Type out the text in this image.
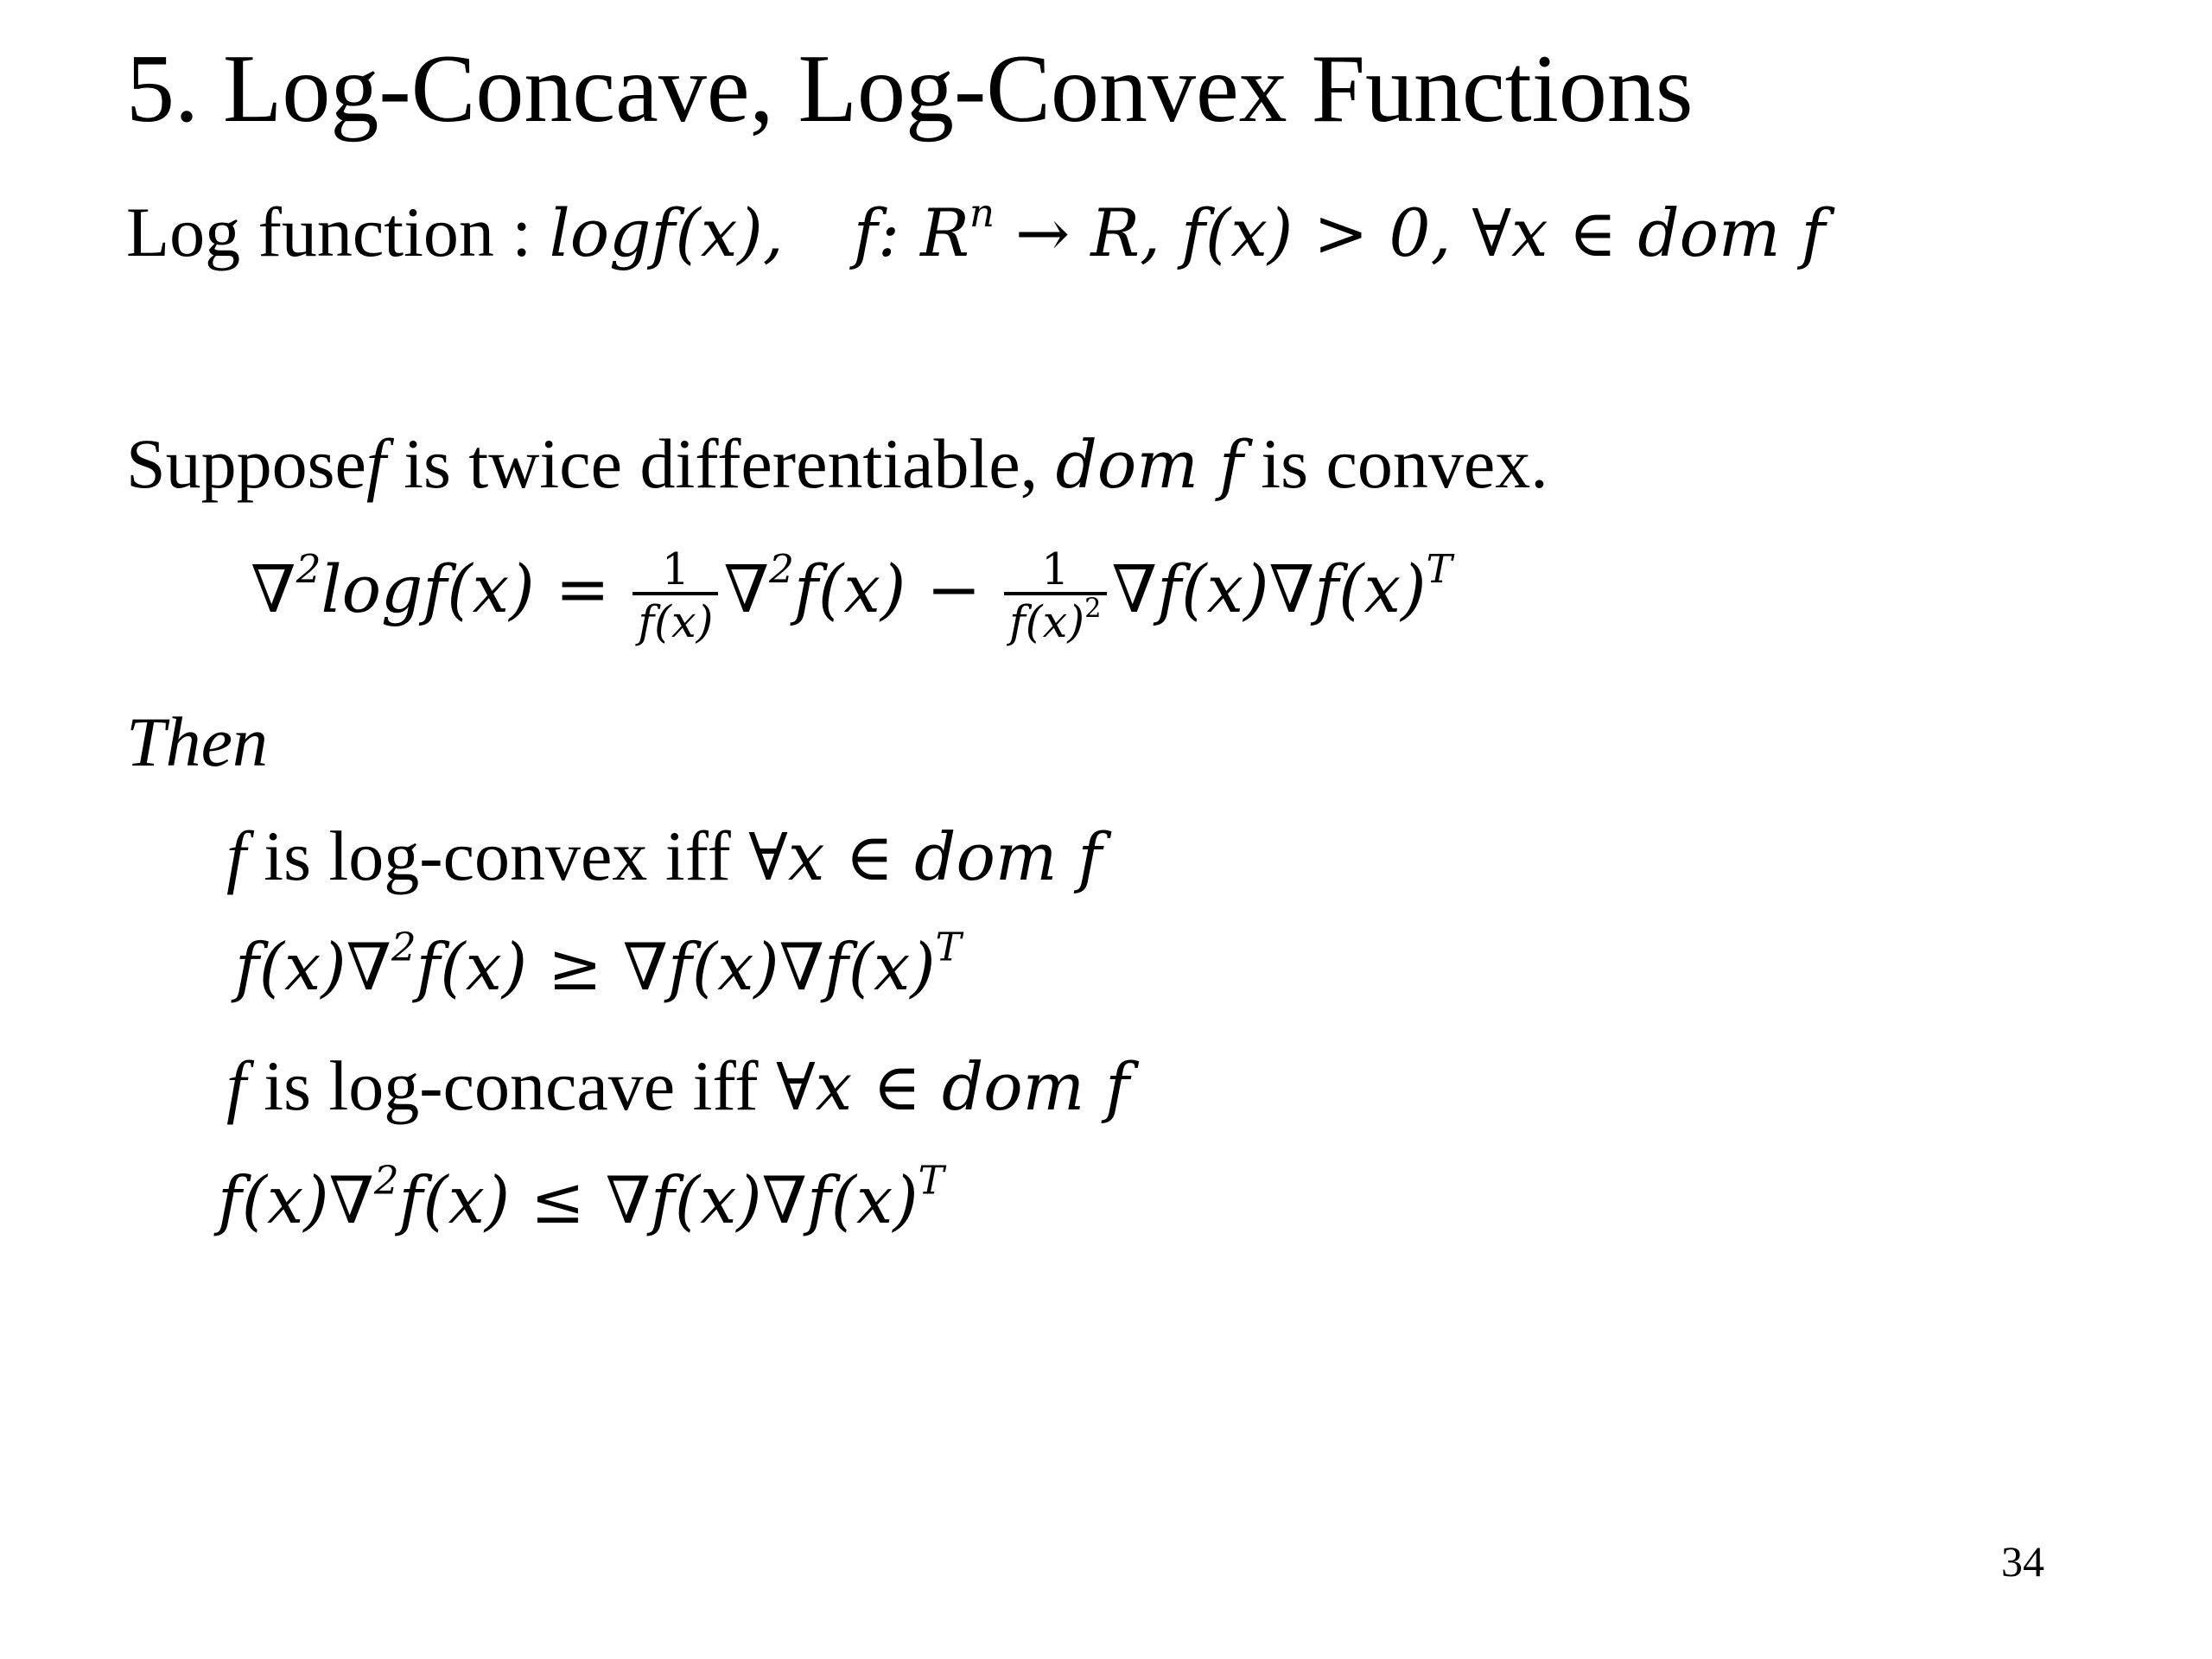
5. Log-Concave, Log-Convex Functions
Log function : logf(x), f: $R^n \to R$, f(x) > 0, ∀x ∈ dom f
Supposef is twice differentiable, dom f is convex.
$\nabla^2\log f(x) = \frac{1}{f(x)} \nabla^2f(x) - \frac{1}{f(x)^2} \nabla f(x)\nabla f(x)^T$
Then
f is log-convex iff ∀x ∈ dom f
$f(x)\nabla^2f(x) \ge \nabla f(x)\nabla f(x)^T$
f is log-concave iff ∀x ∈ dom f
$f(x)\nabla^2f(x) \le \nabla f(x)\nabla f(x)^T$
34
